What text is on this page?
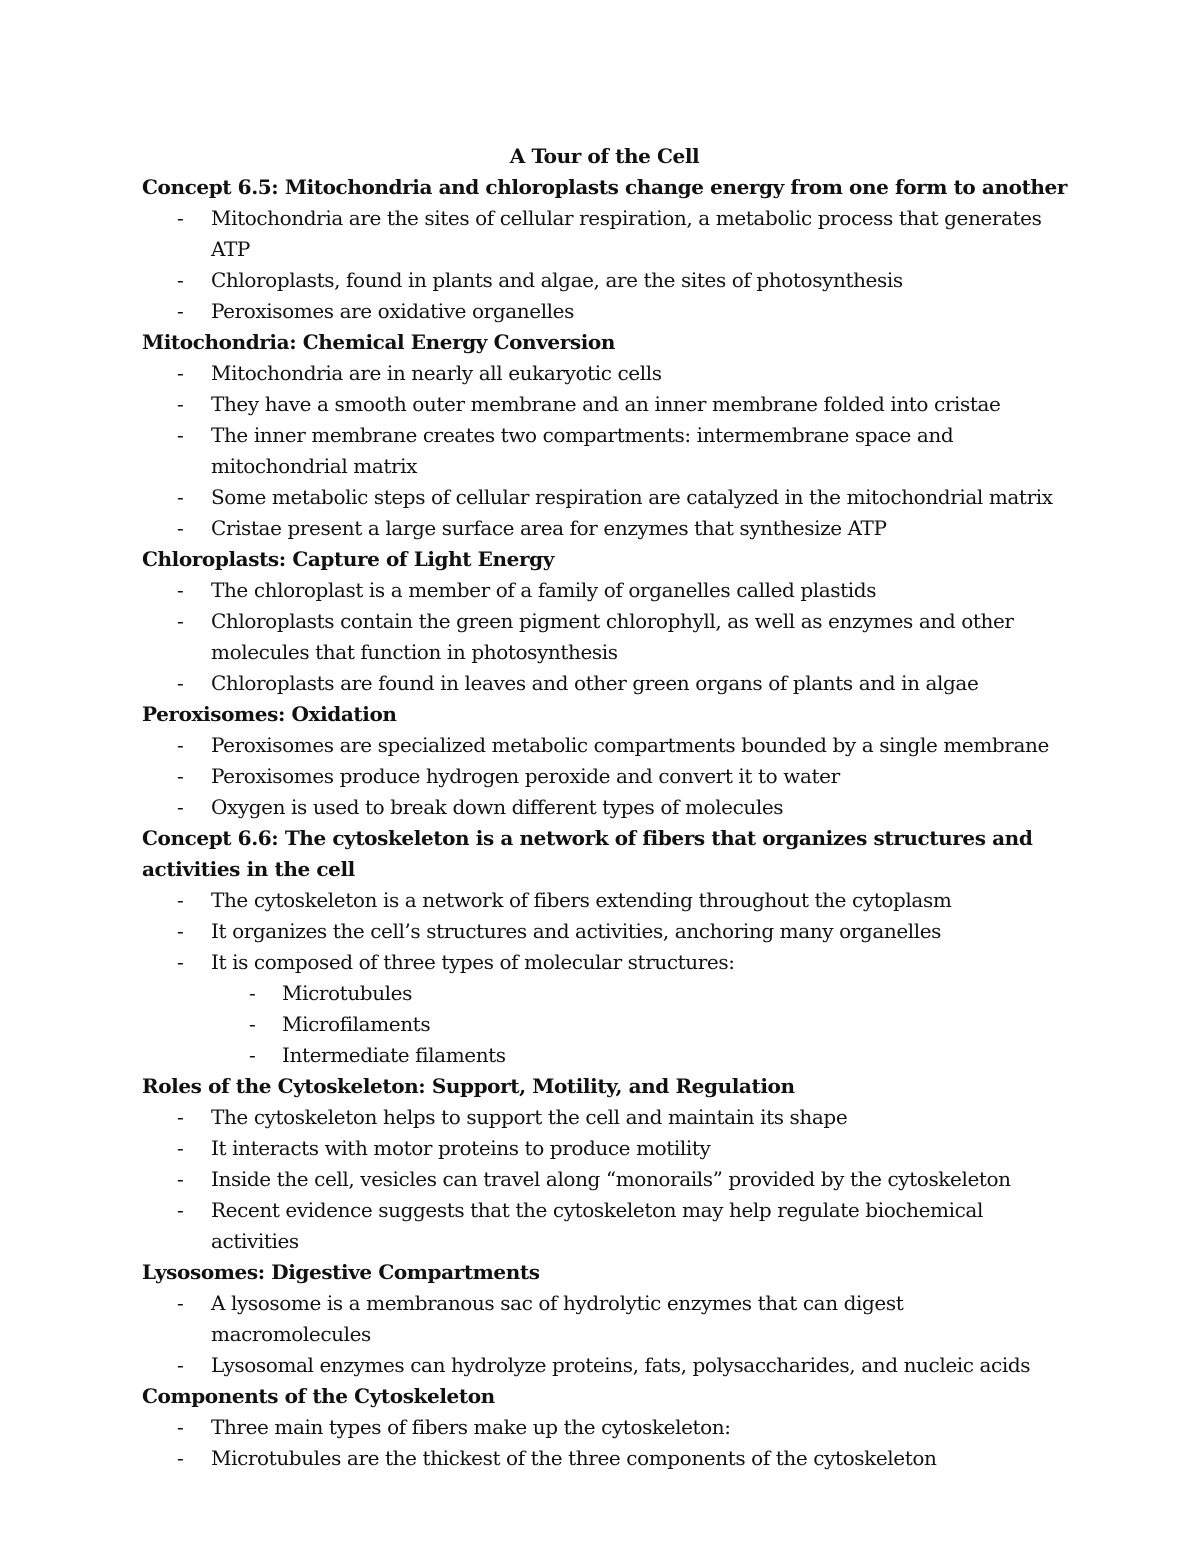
A Tour of the Cell

Concept 6.5: Mitochondria and chloroplasts change energy from one form to another

- Mitochondria are the sites of cellular respiration, a metabolic process that generates ATP
- Chloroplasts, found in plants and algae, are the sites of photosynthesis
- Peroxisomes are oxidative organelles

Mitochondria: Chemical Energy Conversion

- Mitochondria are in nearly all eukaryotic cells
- They have a smooth outer membrane and an inner membrane folded into cristae
- The inner membrane creates two compartments: intermembrane space and mitochondrial matrix
- Some metabolic steps of cellular respiration are catalyzed in the mitochondrial matrix
- Cristae present a large surface area for enzymes that synthesize ATP

Chloroplasts: Capture of Light Energy

- The chloroplast is a member of a family of organelles called plastids
- Chloroplasts contain the green pigment chlorophyll, as well as enzymes and other molecules that function in photosynthesis
- Chloroplasts are found in leaves and other green organs of plants and in algae

Peroxisomes: Oxidation

- Peroxisomes are specialized metabolic compartments bounded by a single membrane
- Peroxisomes produce hydrogen peroxide and convert it to water
- Oxygen is used to break down different types of molecules

Concept 6.6: The cytoskeleton is a network of fibers that organizes structures and activities in the cell

- The cytoskeleton is a network of fibers extending throughout the cytoplasm
- It organizes the cell’s structures and activities, anchoring many organelles
- It is composed of three types of molecular structures:
- Microtubules
- Microfilaments
- Intermediate filaments

Roles of the Cytoskeleton: Support, Motility, and Regulation

- The cytoskeleton helps to support the cell and maintain its shape
- It interacts with motor proteins to produce motility
- Inside the cell, vesicles can travel along “monorails” provided by the cytoskeleton
- Recent evidence suggests that the cytoskeleton may help regulate biochemical activities

Lysosomes: Digestive Compartments

- A lysosome is a membranous sac of hydrolytic enzymes that can digest macromolecules
- Lysosomal enzymes can hydrolyze proteins, fats, polysaccharides, and nucleic acids

Components of the Cytoskeleton

- Three main types of fibers make up the cytoskeleton:
- Microtubules are the thickest of the three components of the cytoskeleton
